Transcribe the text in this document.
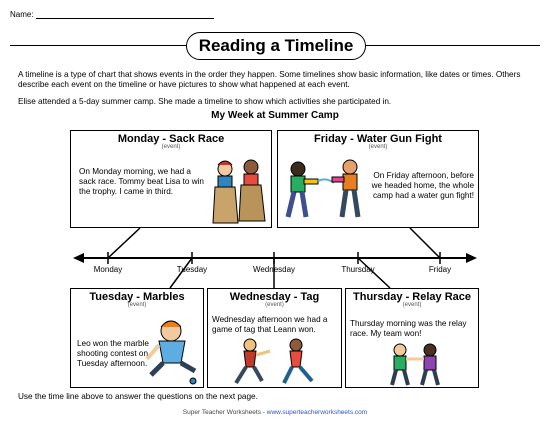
Name:
Reading a Timeline
A timeline is a type of chart that shows events in the order they happen. Some timelines show basic information, like dates or times. Others describe each event on the timeline or have pictures to show what happened at each event.
Elise attended a 5-day summer camp. She made a timeline to show which activities she participated in.
My Week at Summer Camp
Monday	Tuesday	Wednesday	Thursday	Friday
Monday - Sack Race
(event)
On Monday morning, we had a sack race. Tommy beat Lisa to win the trophy. I came in third.
Friday - Water Gun Fight
(event)
On Friday afternoon, before we headed home, the whole camp had a water gun fight!
Tuesday - Marbles
(event)
Leo won the marble shooting contest on Tuesday afternoon.
Wednesday - Tag
(event)
Wednesday afternoon we had a game of tag that Leann won.
Thursday - Relay Race
(event)
Thursday morning was the relay race. My team won!
Use the time line above to answer the questions on the next page.
Super Teacher Worksheets - www.superteacherworksheets.com
